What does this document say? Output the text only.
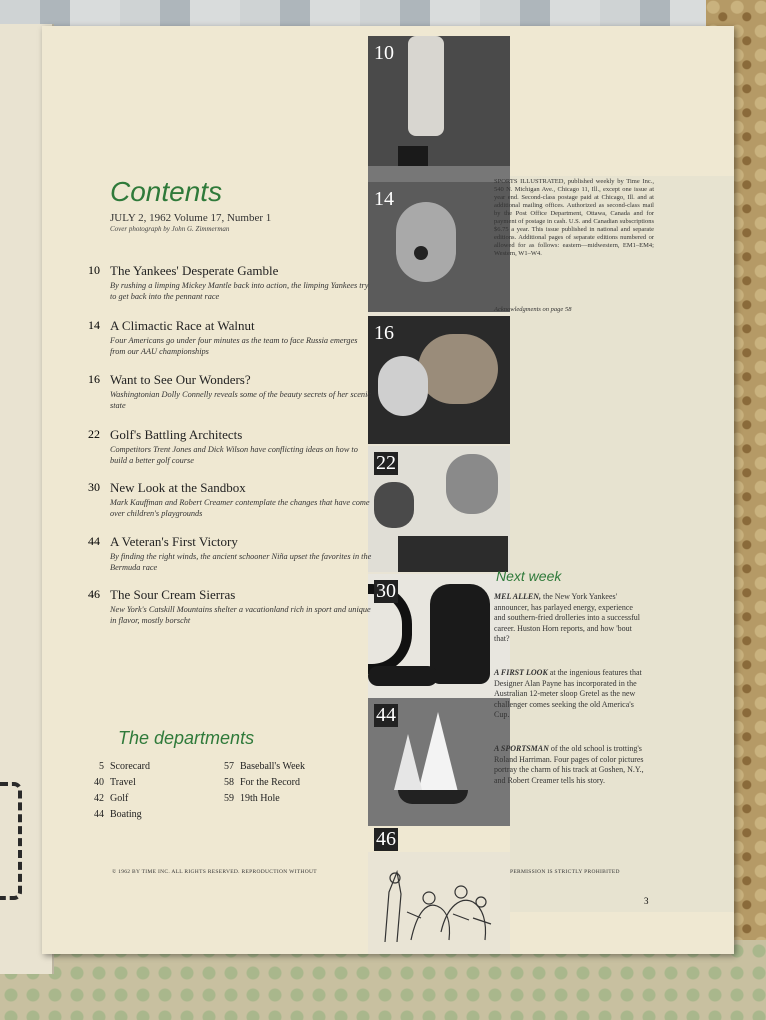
10
14
16
22
30
44
46
Contents
JULY 2, 1962 Volume 17, Number 1
Cover photograph by John G. Zimmerman
10 The Yankees' Desperate Gamble
By rushing a limping Mickey Mantle back into action, the limping Yankees try to get back into the pennant race
14 A Climactic Race at Walnut
Four Americans go under four minutes as the team to face Russia emerges from our AAU championships
16 Want to See Our Wonders?
Washingtonian Dolly Connelly reveals some of the beauty secrets of her scenic state
22 Golf's Battling Architects
Competitors Trent Jones and Dick Wilson have conflicting ideas on how to build a better golf course
30 New Look at the Sandbox
Mark Kauffman and Robert Creamer contemplate the changes that have come over children's playgrounds
44 A Veteran's First Victory
By finding the right winds, the ancient schooner Niña upset the favorites in the Bermuda race
46 The Sour Cream Sierras
New York's Catskill Mountains shelter a vacationland rich in sport and unique in flavor, mostly borscht
The departments
5 Scorecard
40 Travel
42 Golf
44 Boating
57 Baseball's Week
58 For the Record
59 19th Hole
© 1962 BY TIME INC. ALL RIGHTS RESERVED. REPRODUCTION WITHOUT	PERMISSION IS STRICTLY PROHIBITED
3
SPORTS ILLUSTRATED, published weekly by Time Inc., 540 N. Michigan Ave., Chicago 11, Ill., except one issue at year end. Second-class postage paid at Chicago, Ill. and at additional mailing offices. Authorized as second-class mail by the Post Office Department, Ottawa, Canada and for payment of postage in cash. U.S. and Canadian subscriptions $6.75 a year. This issue published in national and separate editions. Additional pages of separate editions numbered or allowed for as follows: eastern—midwestern, EM1–EM4; Western, W1–W4.
Acknowledgments on page 58
Next week
MEL ALLEN, the New York Yankees' announcer, has parlayed energy, experience and southern-fried drolleries into a successful career. Huston Horn reports, and how 'bout that?
A FIRST LOOK at the ingenious features that Designer Alan Payne has incorporated in the Australian 12-meter sloop Gretel as the new challenger comes seeking the old America's Cup.
A SPORTSMAN of the old school is trotting's Roland Harriman. Four pages of color pictures portray the charm of his track at Goshen, N.Y., and Robert Creamer tells his story.
